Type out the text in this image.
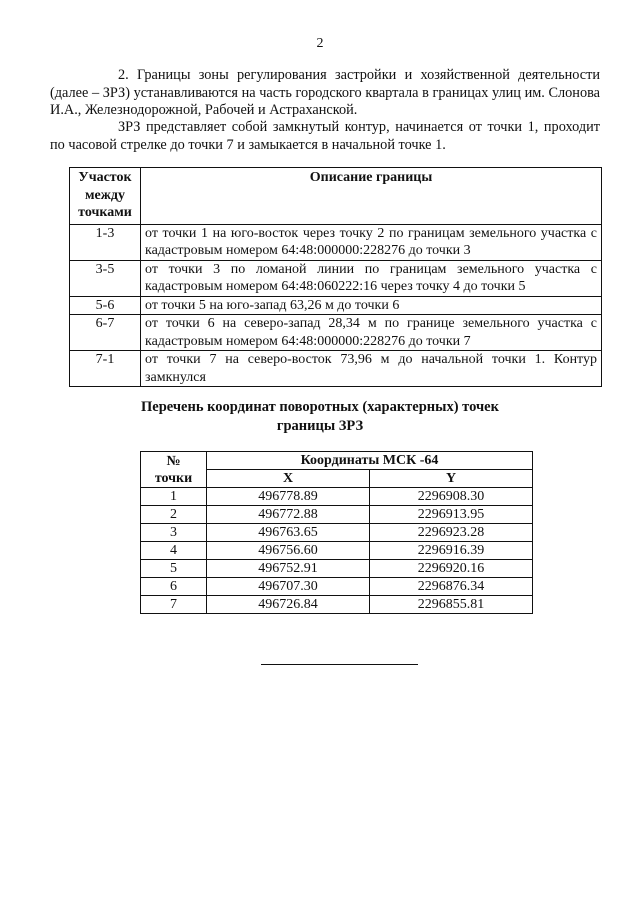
2

2. Границы зоны регулирования застройки и хозяйственной деятельности (далее – ЗРЗ) устанавливаются на часть городского квартала в границах улиц им. Слонова И.А., Железнодорожной, Рабочей и Астраханской.

ЗРЗ представляет собой замкнутый контур, начинается от точки 1, проходит по часовой стрелке до точки 7 и замыкается в начальной точке 1.

Участок
между
точками	Описание границы
1-3	от точки 1 на юго-восток через точку 2 по границам земельного участка с кадастровым номером 64:48:000000:228276 до точки 3
3-5	от точки 3 по ломаной линии по границам земельного участка с кадастровым номером 64:48:060222:16 через точку 4 до точки 5
5-6	от точки 5 на юго-запад 63,26 м до точки 6
6-7	от точки 6 на северо-запад 28,34 м по границе земельного участка с кадастровым номером 64:48:000000:228276 до точки 7
7-1	от точки 7 на северо-восток 73,96 м до начальной точки 1. Контур замкнулся
Перечень координат поворотных (характерных) точек
границы ЗРЗ
№
точки	Координаты МСК -64	
	X	Y
1	496778.89	2296908.30
2	496772.88	2296913.95
3	496763.65	2296923.28
4	496756.60	2296916.39
5	496752.91	2296920.16
6	496707.30	2296876.34
7	496726.84	2296855.81
